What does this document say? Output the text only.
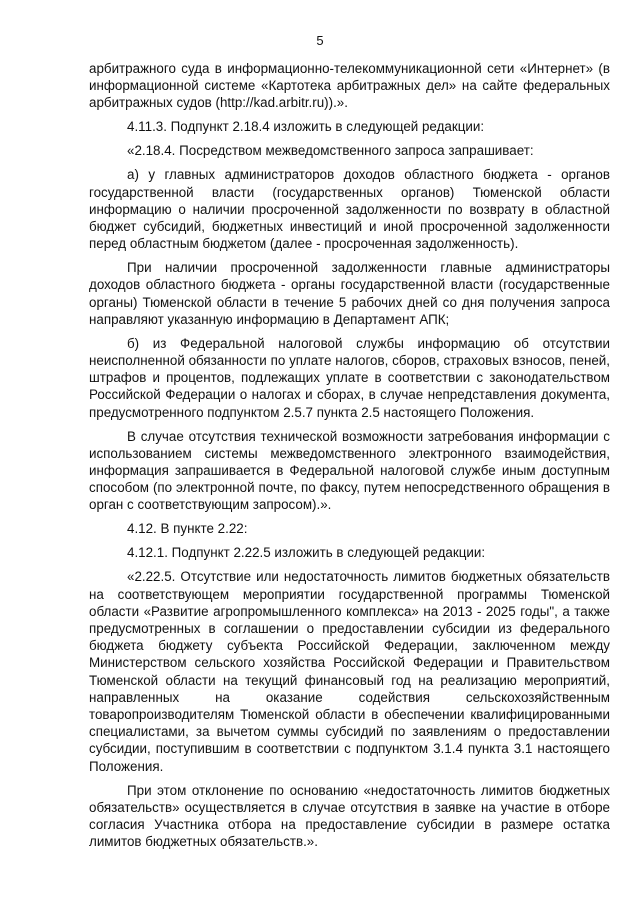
5

арбитражного суда в информационно-телекоммуникационной сети «Интернет» (в информационной системе «Картотека арбитражных дел» на сайте федеральных арбитражных судов (http://kad.arbitr.ru)).».

4.11.3. Подпункт 2.18.4 изложить в следующей редакции:

«2.18.4. Посредством межведомственного запроса запрашивает:

а) у главных администраторов доходов областного бюджета - органов государственной власти (государственных органов) Тюменской области информацию о наличии просроченной задолженности по возврату в областной бюджет субсидий, бюджетных инвестиций и иной просроченной задолженности перед областным бюджетом (далее - просроченная задолженность).

При наличии просроченной задолженности главные администраторы доходов областного бюджета - органы государственной власти (государственные органы) Тюменской области в течение 5 рабочих дней со дня получения запроса направляют указанную информацию в Департамент АПК;

б) из Федеральной налоговой службы информацию об отсутствии неисполненной обязанности по уплате налогов, сборов, страховых взносов, пеней, штрафов и процентов, подлежащих уплате в соответствии с законодательством Российской Федерации о налогах и сборах, в случае непредставления документа, предусмотренного подпунктом 2.5.7 пункта 2.5 настоящего Положения.

В случае отсутствия технической возможности затребования информации с использованием системы межведомственного электронного взаимодействия, информация запрашивается в Федеральной налоговой службе иным доступным способом (по электронной почте, по факсу, путем непосредственного обращения в орган с соответствующим запросом).».

4.12. В пункте 2.22:

4.12.1. Подпункт 2.22.5 изложить в следующей редакции:

«2.22.5. Отсутствие или недостаточность лимитов бюджетных обязательств на соответствующем мероприятии государственной программы Тюменской области «Развитие агропромышленного комплекса» на 2013 - 2025 годы", а также предусмотренных в соглашении о предоставлении субсидии из федерального бюджета бюджету субъекта Российской Федерации, заключенном между Министерством сельского хозяйства Российской Федерации и Правительством Тюменской области на текущий финансовый год на реализацию мероприятий, направленных на оказание содействия сельскохозяйственным товаропроизводителям Тюменской области в обеспечении квалифицированными специалистами, за вычетом суммы субсидий по заявлениям о предоставлении субсидии, поступившим в соответствии с подпунктом 3.1.4 пункта 3.1 настоящего Положения.

При этом отклонение по основанию «недостаточность лимитов бюджетных обязательств» осуществляется в случае отсутствия в заявке на участие в отборе согласия Участника отбора на предоставление субсидии в размере остатка лимитов бюджетных обязательств.».
